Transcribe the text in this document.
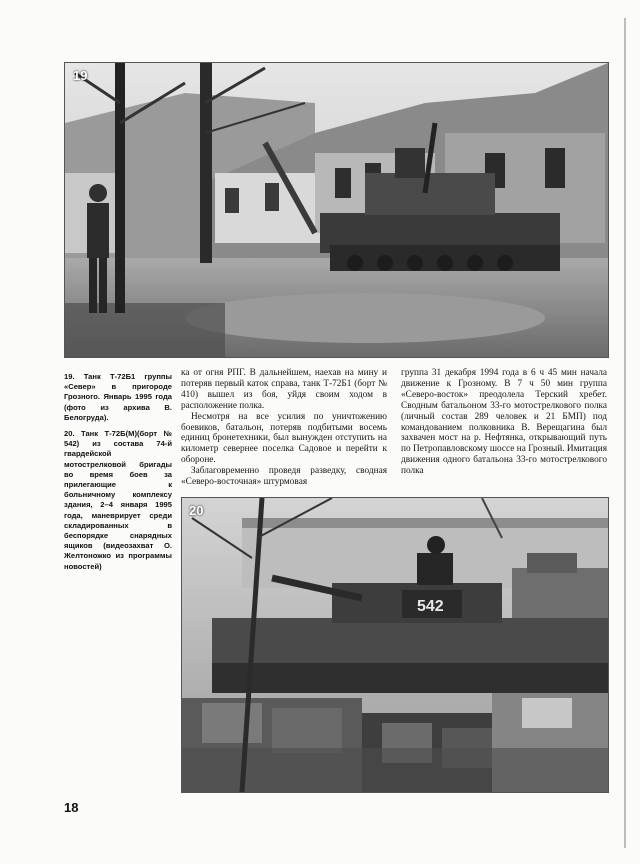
19

19. Танк Т-72Б1 группы «Север» в пригороде Грозного. Январь 1995 года (фото из архива В. Белогруда).

20. Танк Т-72Б(М)(борт № 542) из состава 74-й гвардейской мотострелковой бригады во время боев за прилегающие к больничному комплексу здания, 2–4 января 1995 года, маневрирует среди складированных в беспорядке снарядных ящиков (видеозахват О. Желтоножко из программы новостей)

ка от огня РПГ. В дальнейшем, наехав на мину и потеряв первый каток справа, танк Т-72Б1 (борт № 410) вышел из боя, уйдя своим ходом в расположение полка.

Несмотря на все усилия по уничтожению боевиков, батальон, потеряв подбитыми восемь единиц бронетехники, был вынужден отступить на километр севернее поселка Садовое и перейти к обороне.

Заблаговременно проведя разведку, сводная «Северо-восточная» штурмовая

группа 31 декабря 1994 года в 6 ч 45 мин начала движение к Грозному. В 7 ч 50 мин группа «Северо-восток» преодолела Терский хребет. Сводным батальоном 33-го мотострелкового полка (личный состав 289 человек и 21 БМП) под командованием полковника В. Верещагина был захвачен мост на р. Нефтянка, открывающий путь по Петропавловскому шоссе на Грозный. Имитация движения одного батальона 33-го мотострелкового полка

542
20
18
